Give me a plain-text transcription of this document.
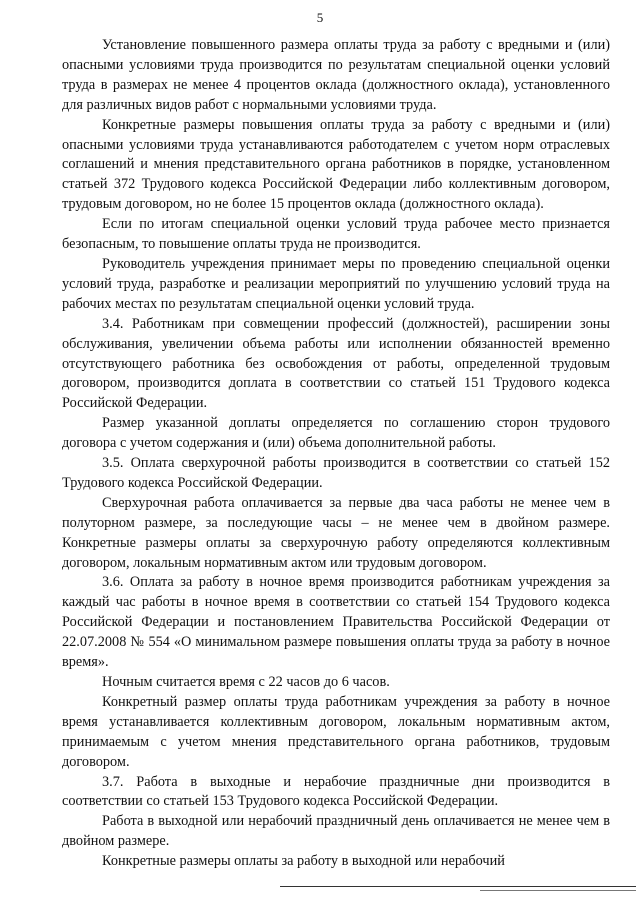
5

Установление повышенного размера оплаты труда за работу с вредными и (или) опасными условиями труда производится по результатам специальной оценки условий труда в размерах не менее 4 процентов оклада (должностного оклада), установленного для различных видов работ с нормальными условиями труда.

Конкретные размеры повышения оплаты труда за работу с вредными и (или) опасными условиями труда устанавливаются работодателем с учетом норм отраслевых соглашений и мнения представительного органа работников в порядке, установленном статьей 372 Трудового кодекса Российской Федерации либо коллективным договором, трудовым договором, но не более 15 процентов оклада (должностного оклада).

Если по итогам специальной оценки условий труда рабочее место признается безопасным, то повышение оплаты труда не производится.

Руководитель учреждения принимает меры по проведению специальной оценки условий труда, разработке и реализации мероприятий по улучшению условий труда на рабочих местах по результатам специальной оценки условий труда.

3.4. Работникам при совмещении профессий (должностей), расширении зоны обслуживания, увеличении объема работы или исполнении обязанностей временно отсутствующего работника без освобождения от работы, определенной трудовым договором, производится доплата в соответствии со статьей 151 Трудового кодекса Российской Федерации.

Размер указанной доплаты определяется по соглашению сторон трудового договора с учетом содержания и (или) объема дополнительной работы.

3.5. Оплата сверхурочной работы производится в соответствии со статьей 152 Трудового кодекса Российской Федерации.

Сверхурочная работа оплачивается за первые два часа работы не менее чем в полуторном размере, за последующие часы – не менее чем в двойном размере. Конкретные размеры оплаты за сверхурочную работу определяются коллективным договором, локальным нормативным актом или трудовым договором.

3.6. Оплата за работу в ночное время производится работникам учреждения за каждый час работы в ночное время в соответствии со статьей 154 Трудового кодекса Российской Федерации и постановлением Правительства Российской Федерации от 22.07.2008 № 554 «О минимальном размере повышения оплаты труда за работу в ночное время».

Ночным считается время с 22 часов до 6 часов.

Конкретный размер оплаты труда работникам учреждения за работу в ночное время устанавливается коллективным договором, локальным нормативным актом, принимаемым с учетом мнения представительного органа работников, трудовым договором.

3.7. Работа в выходные и нерабочие праздничные дни производится в соответствии со статьей 153 Трудового кодекса Российской Федерации.

Работа в выходной или нерабочий праздничный день оплачивается не менее чем в двойном размере.

Конкретные размеры оплаты за работу в выходной или нерабочий
